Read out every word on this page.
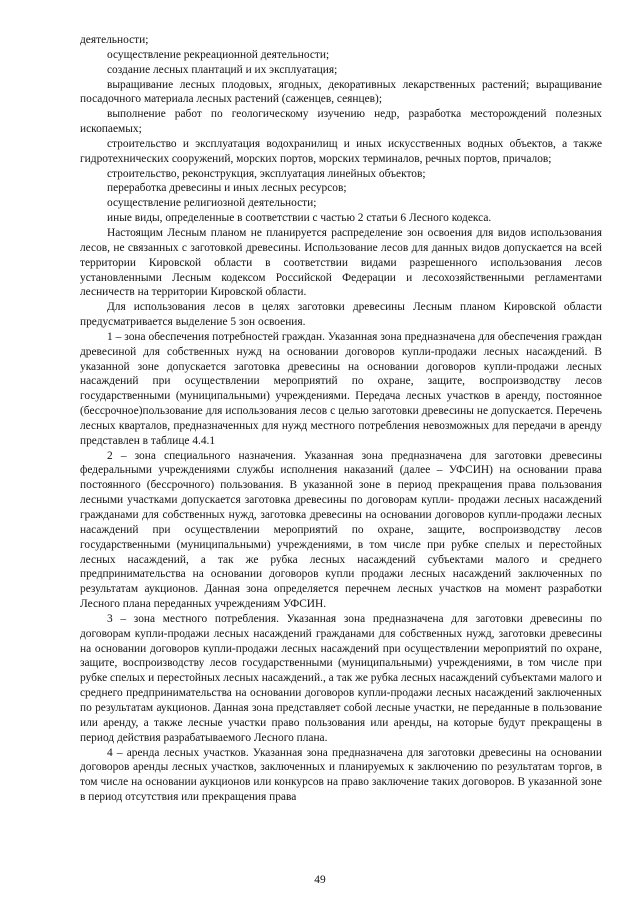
деятельности;

осуществление рекреационной деятельности;

создание лесных плантаций и их эксплуатация;

выращивание лесных плодовых, ягодных, декоративных лекарственных растений; выращивание посадочного материала лесных растений (саженцев, сеянцев);

выполнение работ по геологическому изучению недр, разработка месторождений полезных ископаемых;

строительство и эксплуатация водохранилищ и иных искусственных водных объектов, а также гидротехнических сооружений, морских портов, морских терминалов, речных портов, причалов;

строительство, реконструкция, эксплуатация линейных объектов;

переработка древесины и иных лесных ресурсов;

осуществление религиозной деятельности;

иные виды, определенные в соответствии с частью 2 статьи 6 Лесного кодекса.

Настоящим Лесным планом не планируется распределение зон освоения для видов использования лесов, не связанных с заготовкой древесины. Использование лесов для данных видов допускается на всей территории Кировской области в соответствии видами разрешенного использования лесов установленными Лесным кодексом Российской Федерации и лесохозяйственными регламентами лесничеств на территории Кировской области.

Для использования лесов в целях заготовки древесины Лесным планом Кировской области предусматривается выделение 5 зон освоения.

1 – зона обеспечения потребностей граждан. Указанная зона предназначена для обеспечения граждан древесиной для собственных нужд на основании договоров купли-продажи лесных насаждений. В указанной зоне допускается заготовка древесины на основании договоров купли-продажи лесных насаждений при осуществлении мероприятий по охране, защите, воспроизводству лесов государственными (муниципальными) учреждениями. Передача лесных участков в аренду, постоянное (бессрочное)пользование для использования лесов с целью заготовки древесины не допускается. Перечень лесных кварталов, предназначенных для нужд местного потребления невозможных для передачи в аренду представлен в таблице 4.4.1

2 – зона специального назначения. Указанная зона предназначена для заготовки древесины федеральными учреждениями службы исполнения наказаний (далее – УФСИН) на основании права постоянного (бессрочного) пользования. В указанной зоне в период прекращения права пользования лесными участками допускается заготовка древесины по договорам купли- продажи лесных насаждений гражданами для собственных нужд, заготовка древесины на основании договоров купли-продажи лесных насаждений при осуществлении мероприятий по охране, защите, воспроизводству лесов государственными (муниципальными) учреждениями, в том числе при рубке спелых и перестойных лесных насаждений, а так же рубка лесных насаждений субъектами малого и среднего предпринимательства на основании договоров купли продажи лесных насаждений заключенных по результатам аукционов. Данная зона определяется перечнем лесных участков на момент разработки Лесного плана переданных учреждениям УФСИН.

3 – зона местного потребления. Указанная зона предназначена для заготовки древесины по договорам купли-продажи лесных насаждений гражданами для собственных нужд, заготовки древесины на основании договоров купли-продажи лесных насаждений при осуществлении мероприятий по охране, защите, воспроизводству лесов государственными (муниципальными) учреждениями, в том числе при рубке спелых и перестойных лесных насаждений., а так же рубка лесных насаждений субъектами малого и среднего предпринимательства на основании договоров купли-продажи лесных насаждений заключенных по результатам аукционов. Данная зона представляет собой лесные участки, не переданные в пользование или аренду, а также лесные участки право пользования или аренды, на которые будут прекращены в период действия разрабатываемого Лесного плана.

4 – аренда лесных участков. Указанная зона предназначена для заготовки древесины на основании договоров аренды лесных участков, заключенных и планируемых к заключению по результатам торгов, в том числе на основании аукционов или конкурсов на право заключение таких договоров. В указанной зоне в период отсутствия или прекращения права

49
